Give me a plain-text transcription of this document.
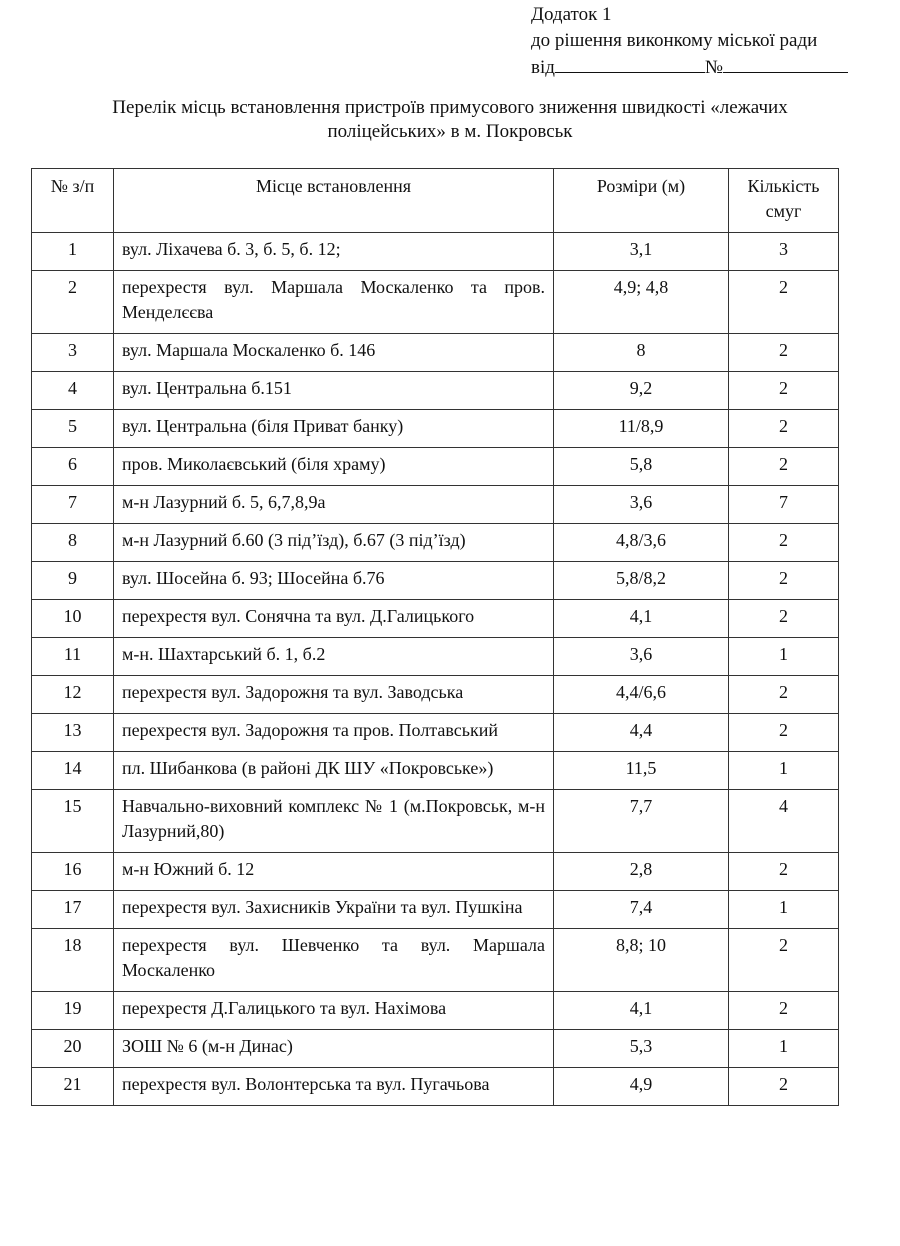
Додаток 1
до рішення виконкому міської ради
від	№
Перелік місць встановлення пристроїв примусового зниження швидкості «лежачих поліцейських» в м. Покровськ
№ з/п	Місце встановлення	Розміри (м)	Кількість смуг
1	вул. Ліхачева б. 3, б. 5, б. 12;	3,1	3
2	перехрестя вул. Маршала Москаленко та пров. Менделєєва	4,9; 4,8	2
3	вул. Маршала Москаленко б. 146	8	2
4	вул. Центральна б.151	9,2	2
5	вул. Центральна (біля Приват банку)	11/8,9	2
6	пров. Миколаєвський (біля храму)	5,8	2
7	м-н Лазурний б. 5, 6,7,8,9а	3,6	7
8	м-н Лазурний б.60 (3 під’їзд), б.67 (3 під’їзд)	4,8/3,6	2
9	вул. Шосейна б. 93; Шосейна б.76	5,8/8,2	2
10	перехрестя вул. Сонячна та вул. Д.Галицького	4,1	2
11	м-н. Шахтарський б. 1, б.2	3,6	1
12	перехрестя вул. Задорожня та вул. Заводська	4,4/6,6	2
13	перехрестя вул. Задорожня та пров. Полтавський	4,4	2
14	пл. Шибанкова (в районі ДК ШУ «Покровське»)	11,5	1
15	Навчально-виховний комплекс № 1 (м.Покровськ, м-н Лазурний,80)	7,7	4
16	м-н Южний б. 12	2,8	2
17	перехрестя вул. Захисників України та вул. Пушкіна	7,4	1
18	перехрестя вул. Шевченко та вул. Маршала Москаленко	8,8; 10	2
19	перехрестя Д.Галицького та вул. Нахімова	4,1	2
20	ЗОШ № 6 (м-н Динас)	5,3	1
21	перехрестя вул. Волонтерська та вул. Пугачьова	4,9	2
